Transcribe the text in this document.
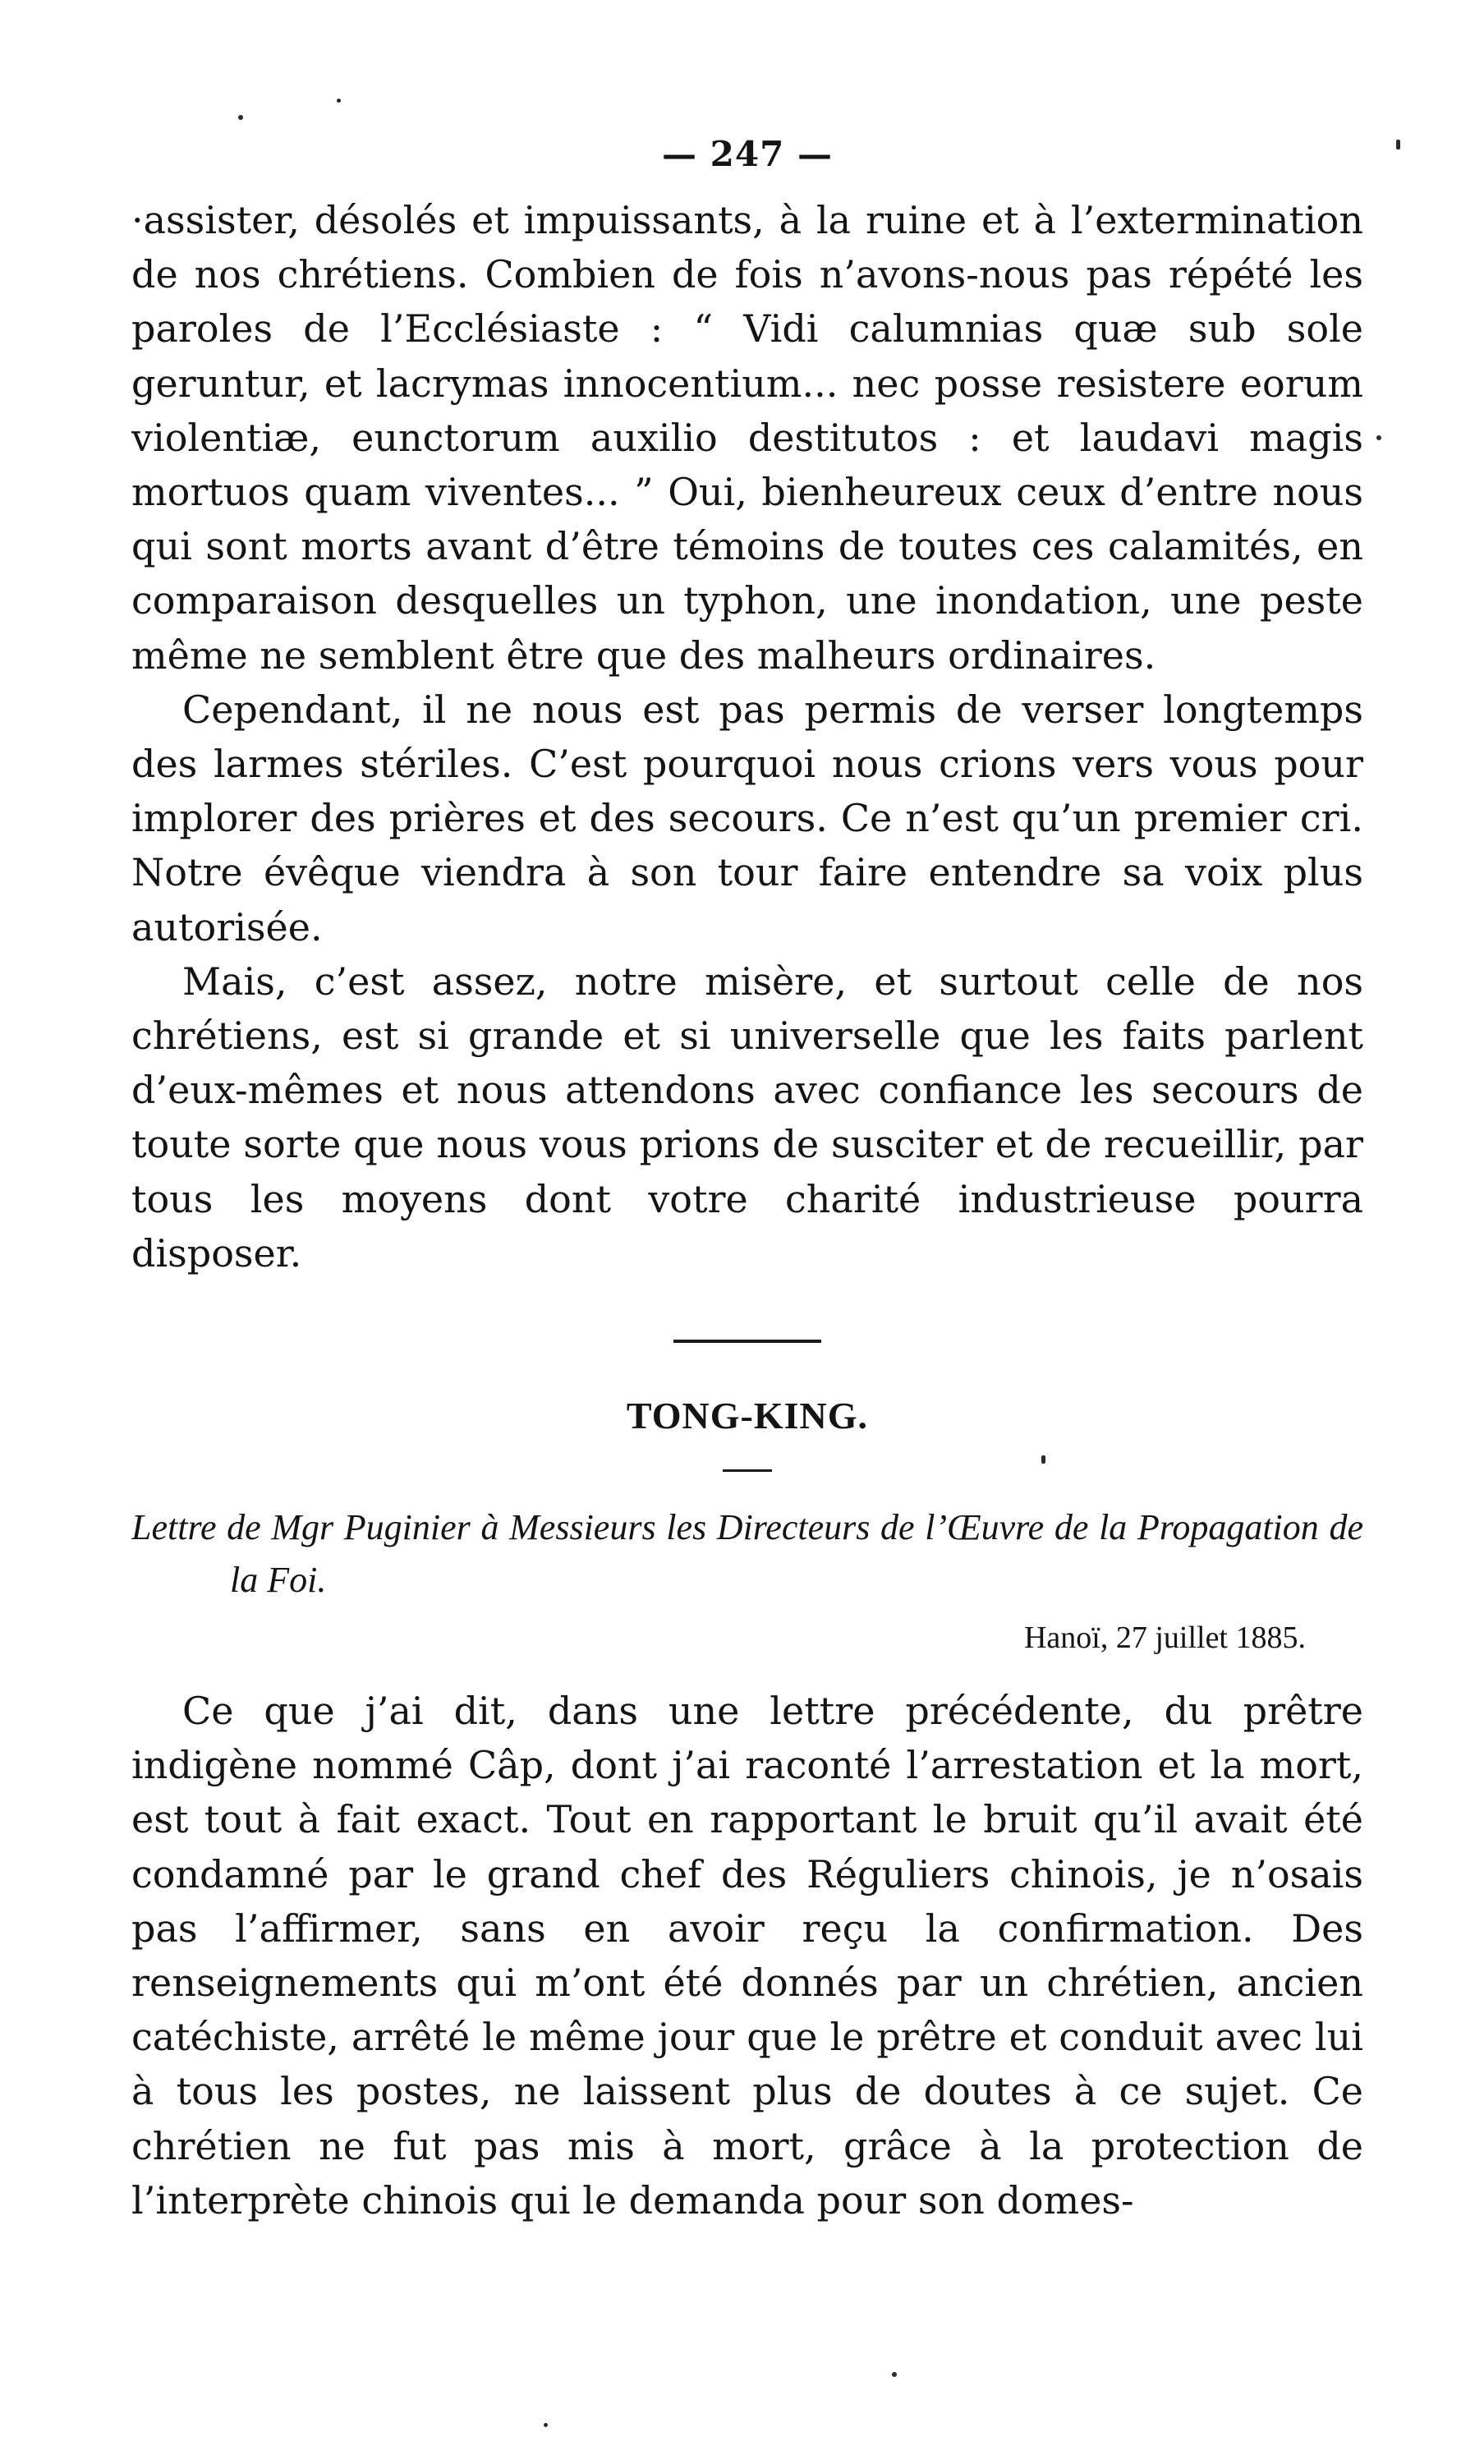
— 247 —

·assister, désolés et impuissants, à la ruine et à l’extermination de nos chrétiens. Combien de fois n’avons-nous pas répété les paroles de l’Ecclésiaste : “ Vidi calumnias quæ sub sole geruntur, et lacrymas innocentium... nec posse resistere eorum violentiæ, eunctorum auxilio destitutos : et laudavi magis mortuos quam viventes... ” Oui, bienheureux ceux d’entre nous qui sont morts avant d’être témoins de toutes ces calamités, en comparaison desquelles un typhon, une inondation, une peste même ne semblent être que des malheurs ordinaires.

Cependant, il ne nous est pas permis de verser longtemps des larmes stériles. C’est pourquoi nous crions vers vous pour implorer des prières et des secours. Ce n’est qu’un premier cri. Notre évêque viendra à son tour faire entendre sa voix plus autorisée.

Mais, c’est assez, notre misère, et surtout celle de nos chrétiens, est si grande et si universelle que les faits parlent d’eux-mêmes et nous attendons avec confiance les secours de toute sorte que nous vous prions de susciter et de recueillir, par tous les moyens dont votre charité industrieuse pourra disposer.

TONG-KING.

Lettre de Mgr Puginier à Messieurs les Directeurs de l’Œuvre de la Propagation de la Foi.

Hanoï, 27 juillet 1885.

Ce que j’ai dit, dans une lettre précédente, du prêtre indigène nommé Câp, dont j’ai raconté l’arrestation et la mort, est tout à fait exact. Tout en rapportant le bruit qu’il avait été condamné par le grand chef des Réguliers chinois, je n’osais pas l’affirmer, sans en avoir reçu la confirmation. Des renseignements qui m’ont été donnés par un chrétien, ancien catéchiste, arrêté le même jour que le prêtre et conduit avec lui à tous les postes, ne laissent plus de doutes à ce sujet. Ce chrétien ne fut pas mis à mort, grâce à la protection de l’interprète chinois qui le demanda pour son domes-
